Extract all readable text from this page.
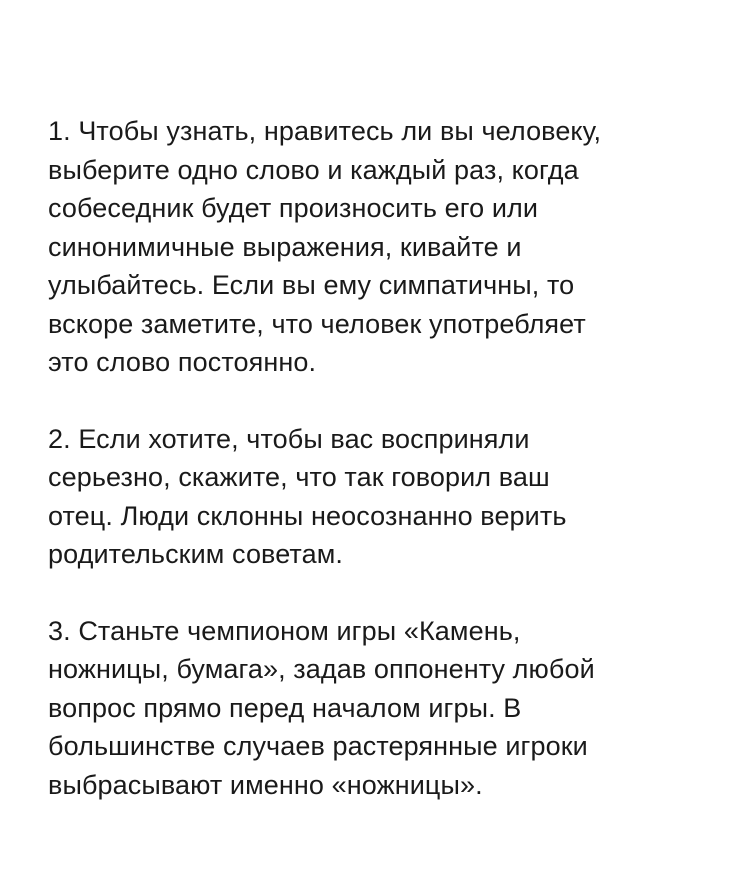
1. Чтобы узнать, нравитесь ли вы человеку,
выберите одно слово и каждый раз, когда
собеседник будет произносить его или
синонимичные выражения, кивайте и
улыбайтесь. Если вы ему симпатичны, то
вскоре заметите, что человек употребляет
это слово постоянно.

2. Если хотите, чтобы вас восприняли
серьезно, скажите, что так говорил ваш
отец. Люди склонны неосознанно верить
родительским советам.

3. Станьте чемпионом игры «Камень,
ножницы, бумага», задав оппоненту любой
вопрос прямо перед началом игры. В
большинстве случаев растерянные игроки
выбрасывают именно «ножницы».
